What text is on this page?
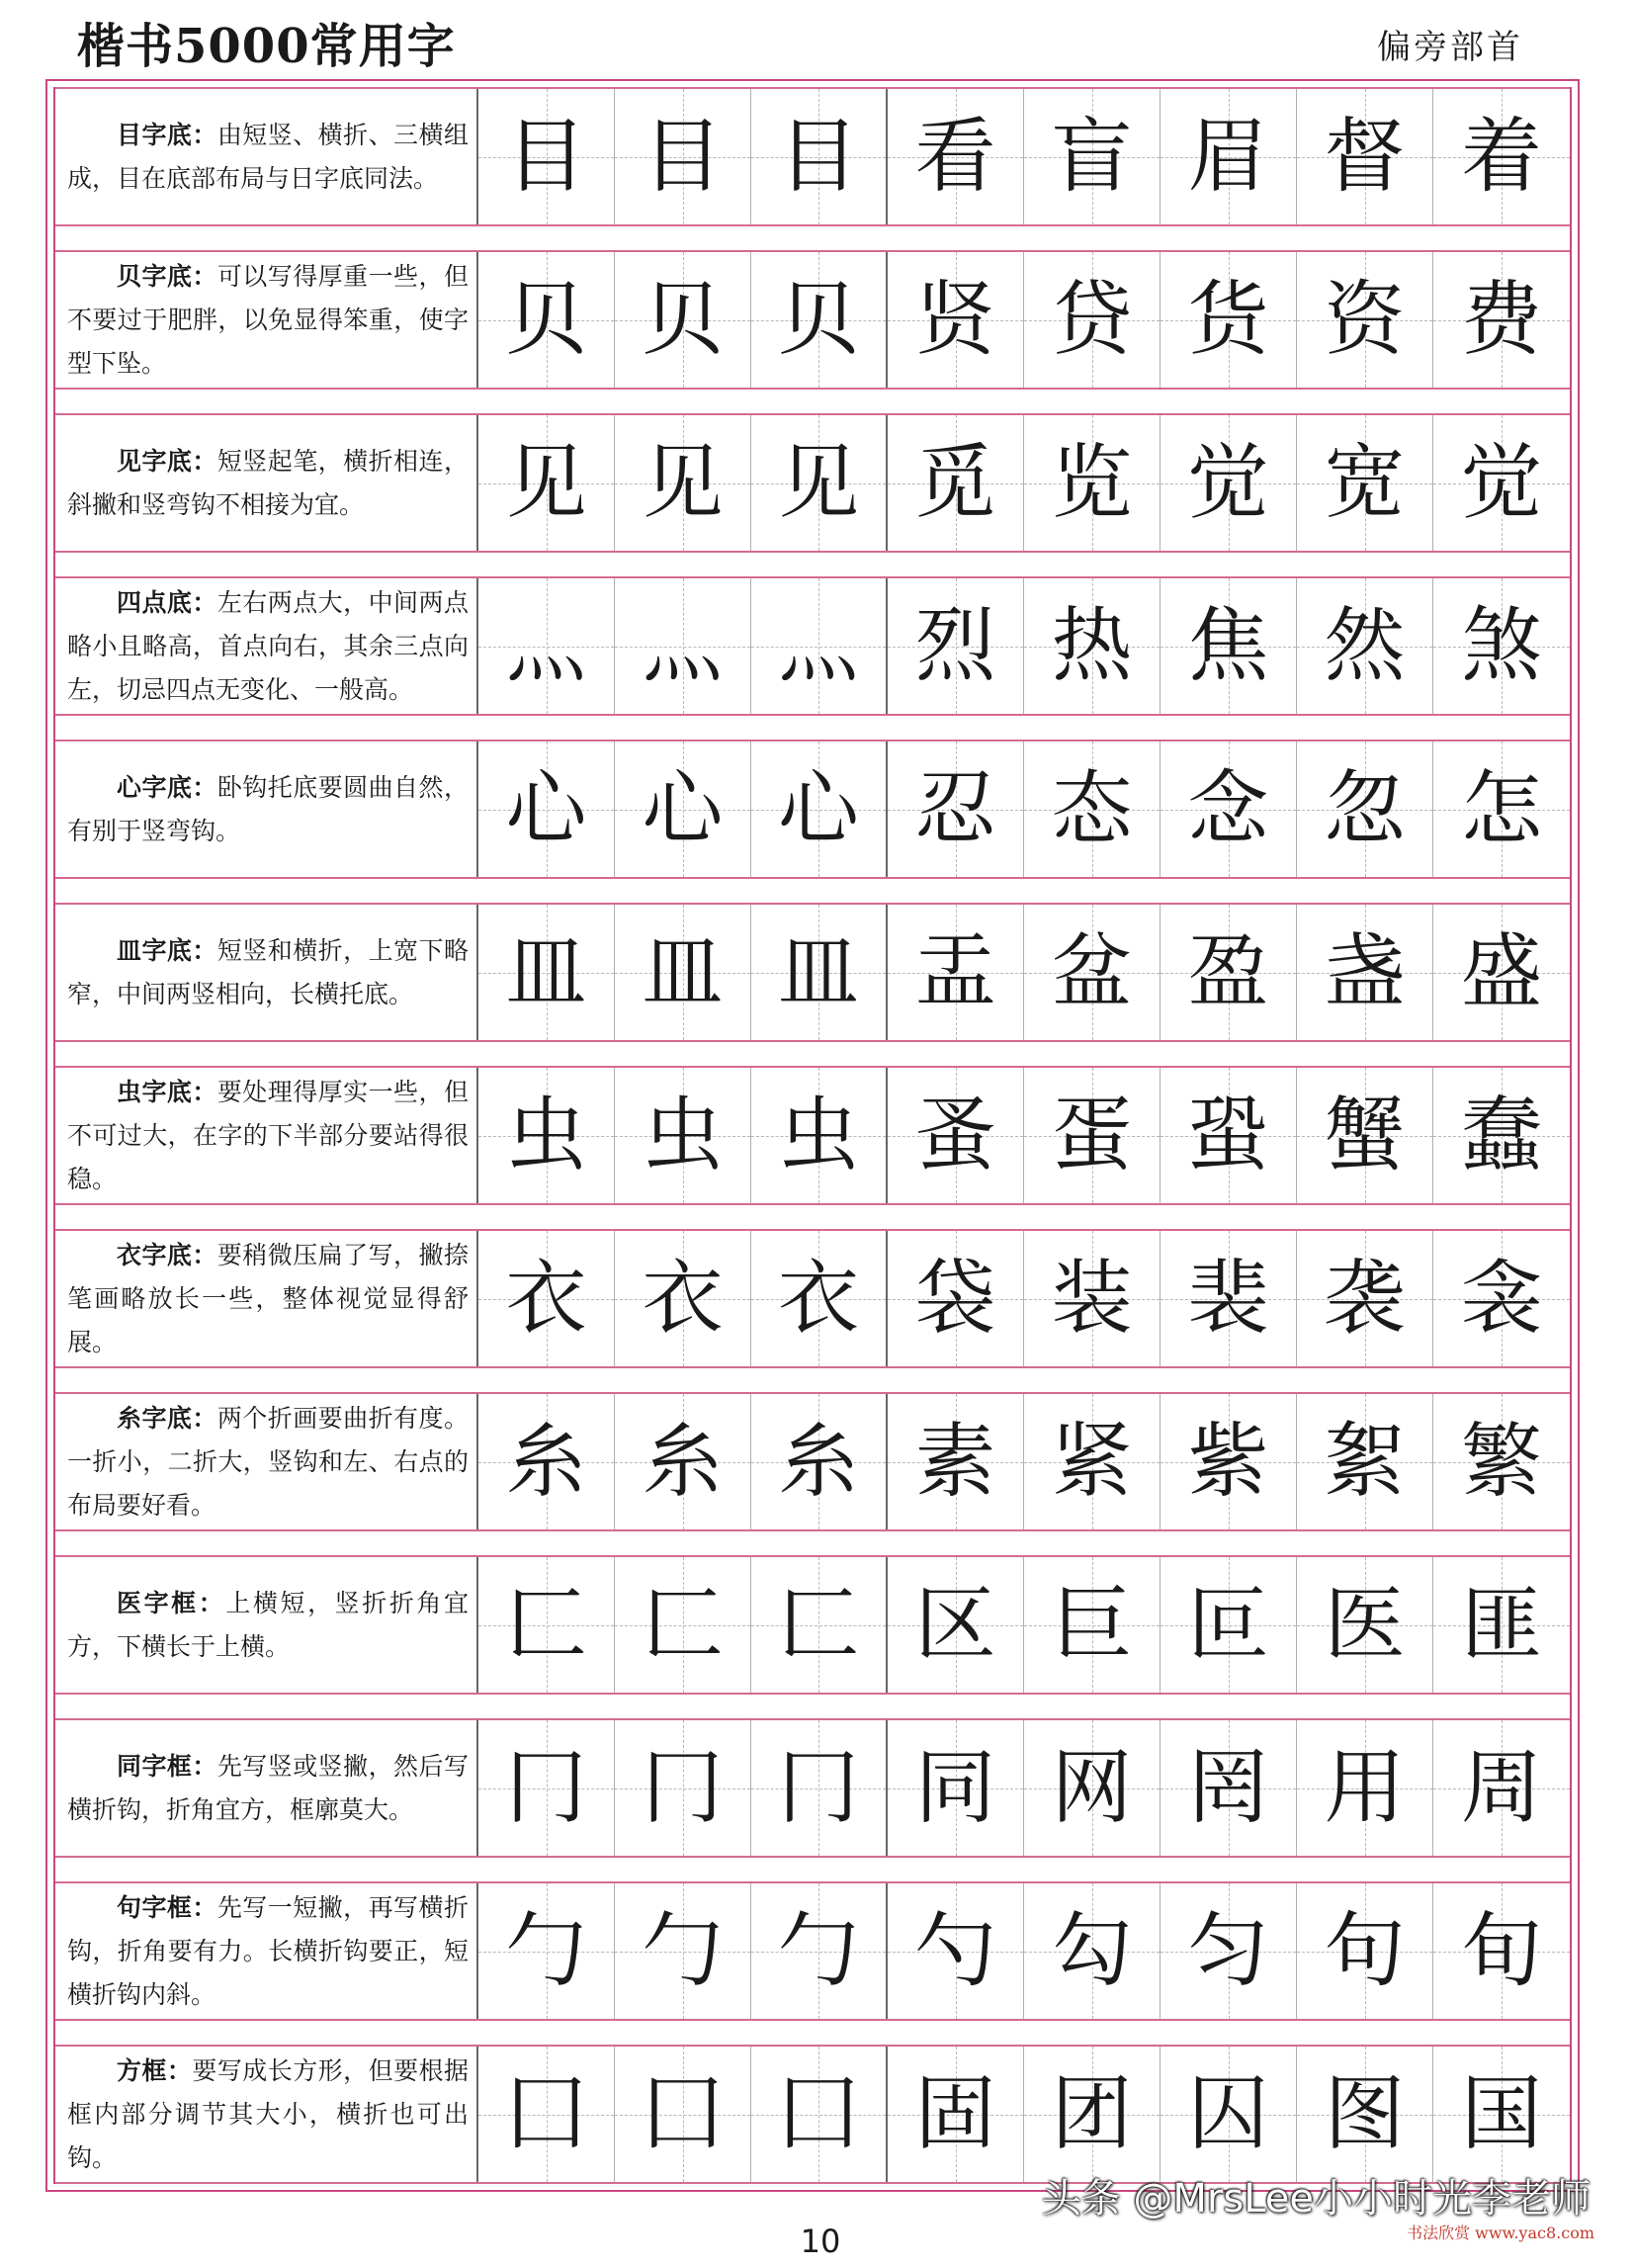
楷书5000常用字	偏旁部首

目字底：由短竖、横折、三横组成，目在底部布局与日字底同法。 目 目 目 看 盲 眉 督 着

贝字底：可以写得厚重一些，但不要过于肥胖，以免显得笨重，使字型下坠。	贝 贝 贝 贤 贷 货 资 费

见字底：短竖起笔，横折相连，斜撇和竖弯钩不相接为宜。	见 见 见 觅 览 觉 宽 觉

四点底：左右两点大，中间两点略小且略高，首点向右，其余三点向左，切忌四点无变化、一般高。	灬 灬 灬 烈 热 焦 然 煞

心字底：卧钩托底要圆曲自然，有别于竖弯钩。	心 心 心 忍 态 念 忽 怎

皿字底：短竖和横折，上宽下略窄，中间两竖相向，长横托底。	皿 皿 皿 盂 盆 盈 盏 盛

虫字底：要处理得厚实一些，但不可过大，在字的下半部分要站得很稳。	虫 虫 虫 蚤 蛋 蛩 蟹 蠢

衣字底：要稍微压扁了写，撇捺笔画略放长一些，整体视觉显得舒展。	衣 衣 衣 袋 装 裴 袭 衾

糸字底：两个折画要曲折有度。一折小，二折大，竖钩和左、右点的布局要好看。	糸 糸 糸 素 紧 紫 絮 繁

医字框：上横短，竖折折角宜方，下横长于上横。	匚 匚 匚 区 巨 叵 医 匪

同字框：先写竖或竖撇，然后写横折钩，折角宜方，框廓莫大。	冂 冂 冂 同 网 罔 用 周

句字框：先写一短撇，再写横折钩，折角要有力。长横折钩要正，短横折钩内斜。	勹 勹 勹 勺 勾 匀 句 旬

方框：要写成长方形，但要根据框内部分调节其大小，横折也可出钩。	囗 囗 囗 固 团 囚 图 国
头条 @MrsLee小小时光李老师
书法欣赏 www.yac8.com
10
